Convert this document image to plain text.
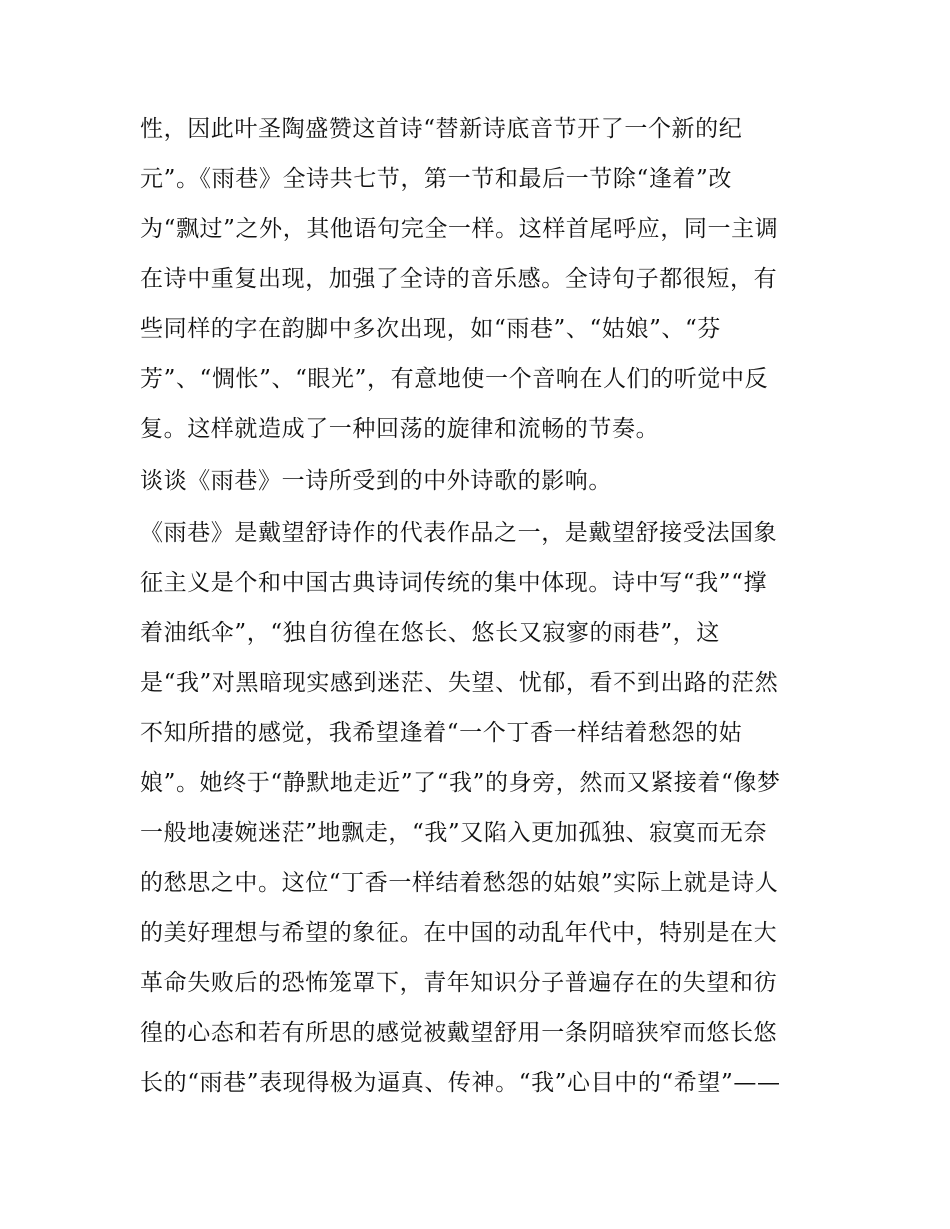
性，因此叶圣陶盛赞这首诗“替新诗底音节开了一个新的纪
元”。《雨巷》全诗共七节，第一节和最后一节除“逢着”改
为“飘过”之外，其他语句完全一样。这样首尾呼应，同一主调
在诗中重复出现，加强了全诗的音乐感。全诗句子都很短，有
些同样的字在韵脚中多次出现，如“雨巷”、“姑娘”、“芬
芳”、“惆怅”、“眼光”，有意地使一个音响在人们的听觉中反
复。这样就造成了一种回荡的旋律和流畅的节奏。
谈谈《雨巷》一诗所受到的中外诗歌的影响。
《雨巷》是戴望舒诗作的代表作品之一，是戴望舒接受法国象
征主义是个和中国古典诗词传统的集中体现。诗中写“我”“撑
着油纸伞”，“独自彷徨在悠长、悠长又寂寥的雨巷”，这
是“我”对黑暗现实感到迷茫、失望、忧郁，看不到出路的茫然
不知所措的感觉，我希望逢着“一个丁香一样结着愁怨的姑
娘”。她终于“静默地走近”了“我”的身旁，然而又紧接着“像梦
一般地凄婉迷茫”地飘走，“我”又陷入更加孤独、寂寞而无奈
的愁思之中。这位“丁香一样结着愁怨的姑娘”实际上就是诗人
的美好理想与希望的象征。在中国的动乱年代中，特别是在大
革命失败后的恐怖笼罩下，青年知识分子普遍存在的失望和彷
徨的心态和若有所思的感觉被戴望舒用一条阴暗狭窄而悠长悠
长的“雨巷”表现得极为逼真、传神。“我”心目中的“希望”——
